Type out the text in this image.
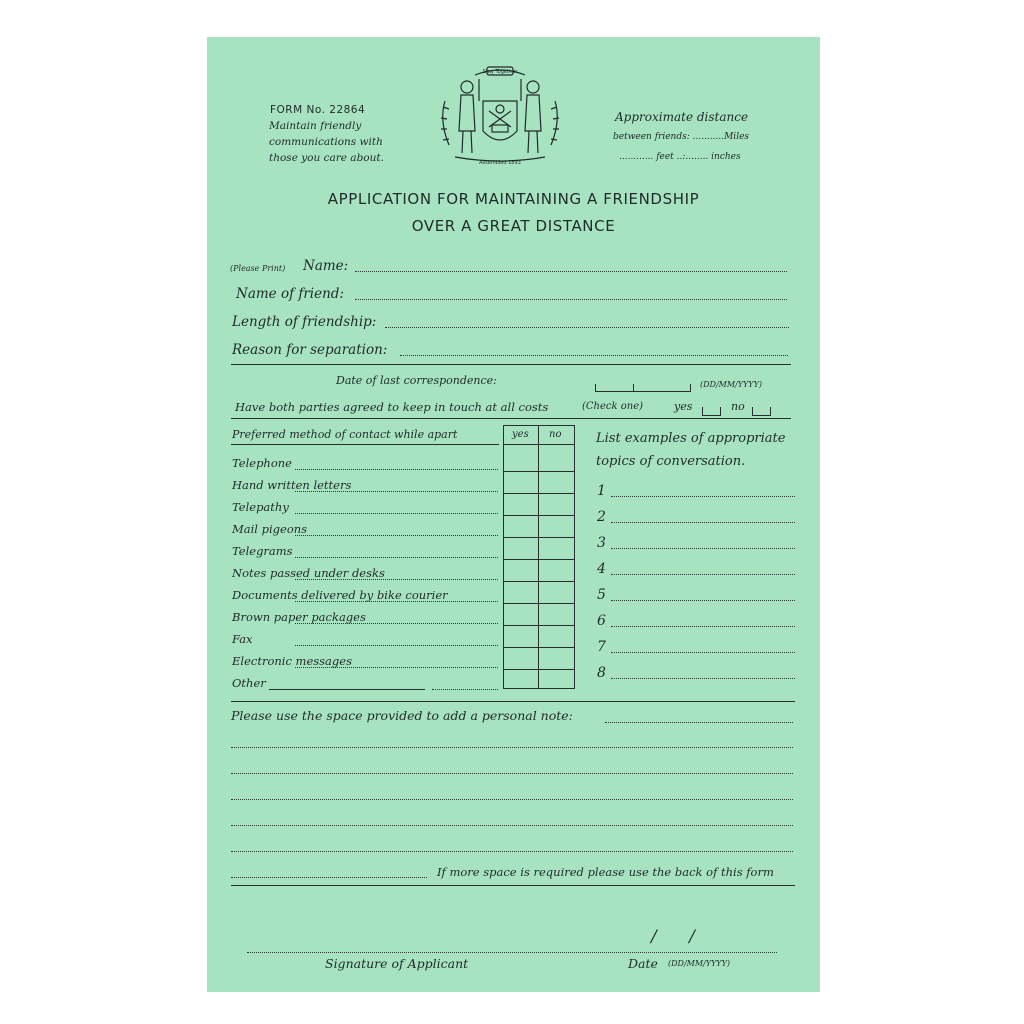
FORM No. 22864
Maintain friendly
communications with
those you care about.
Stay Together
Assembled 1893
Approximate distance
between friends: ...........Miles
............ feet ..:........ inches
APPLICATION FOR MAINTAINING A FRIENDSHIP
OVER A GREAT DISTANCE
(Please Print) Name:
Name of friend:
Length of friendship:
Reason for separation:
Date of last correspondence:	(DD/MM/YYYY)
Have both parties agreed to keep in touch at all costs	(Check one)	yes	no
Preferred method of contact while apart	yes no
Telephone
Hand written letters
Telepathy
Mail pigeons
Telegrams
Notes passed under desks
Documents delivered by bike courier
Brown paper packages
Fax
Electronic messages
Other
List examples of appropriate
topics of conversation.
1
2
3
4
5
6
7
8
Please use the space provided to add a personal note:
If more space is required please use the back of this form
/      /
Signature of Applicant	Date (DD/MM/YYYY)
